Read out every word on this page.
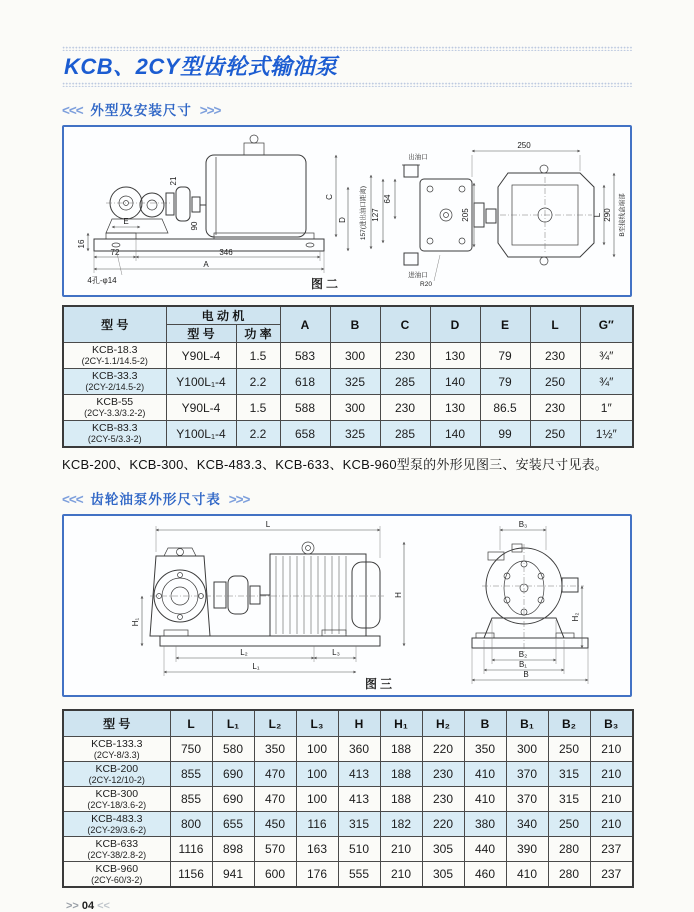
KCB、2CY型齿轮式输油泵
<<< 外型及安装尺寸 >>>
E
16
72	346
A
C
D
21
90
4孔-φ14
157(进出油口距离) 127
64
250
出油口
进油口
R20
205	L 290	B至接线盒端部
图二
型 号	电 动 机		A	B	C	D	E	L	G″
	型 号	功 率							

KCB-18.3
(2CY-1.1/14.5-2)	Y90L-4	1.5	583	300	230	130	79	230	¾″

KCB-33.3
(2CY-2/14.5-2)	Y100L₁-4	2.2	618	325	285	140	79	250	¾″

KCB-55
(2CY-3.3/3.2-2)	Y90L-4	1.5	588	300	230	130	86.5	230	1″

KCB-83.3
(2CY-5/3.3-2)	Y100L₁-4	2.2	658	325	285	140	99	250	1½″

KCB-200、KCB-300、KCB-483.3、KCB-633、KCB-960型泵的外形见图三、安装尺寸见表。

<<< 齿轮油泵外形尺寸表 >>>
L
H
H₁
L₂	L₃
L₁
B₃
H₂
B₂
B₁
B
图三
型 号	L	L₁	L₂	L₃	H	H₁	H₂	B	B₁	B₂	B₃

KCB-133.3
(2CY-8/3.3)	750	580	350	100	360	188	220	350	300	250	210

KCB-200
(2CY-12/10-2)	855	690	470	100	413	188	230	410	370	315	210

KCB-300
(2CY-18/3.6-2)	855	690	470	100	413	188	230	410	370	315	210

KCB-483.3
(2CY-29/3.6-2)	800	655	450	116	315	182	220	380	340	250	210

KCB-633
(2CY-38/2.8-2)	1116	898	570	163	510	210	305	440	390	280	237

KCB-960
(2CY-60/3-2)	1156	941	600	176	555	210	305	460	410	280	237
>> 04 <<
